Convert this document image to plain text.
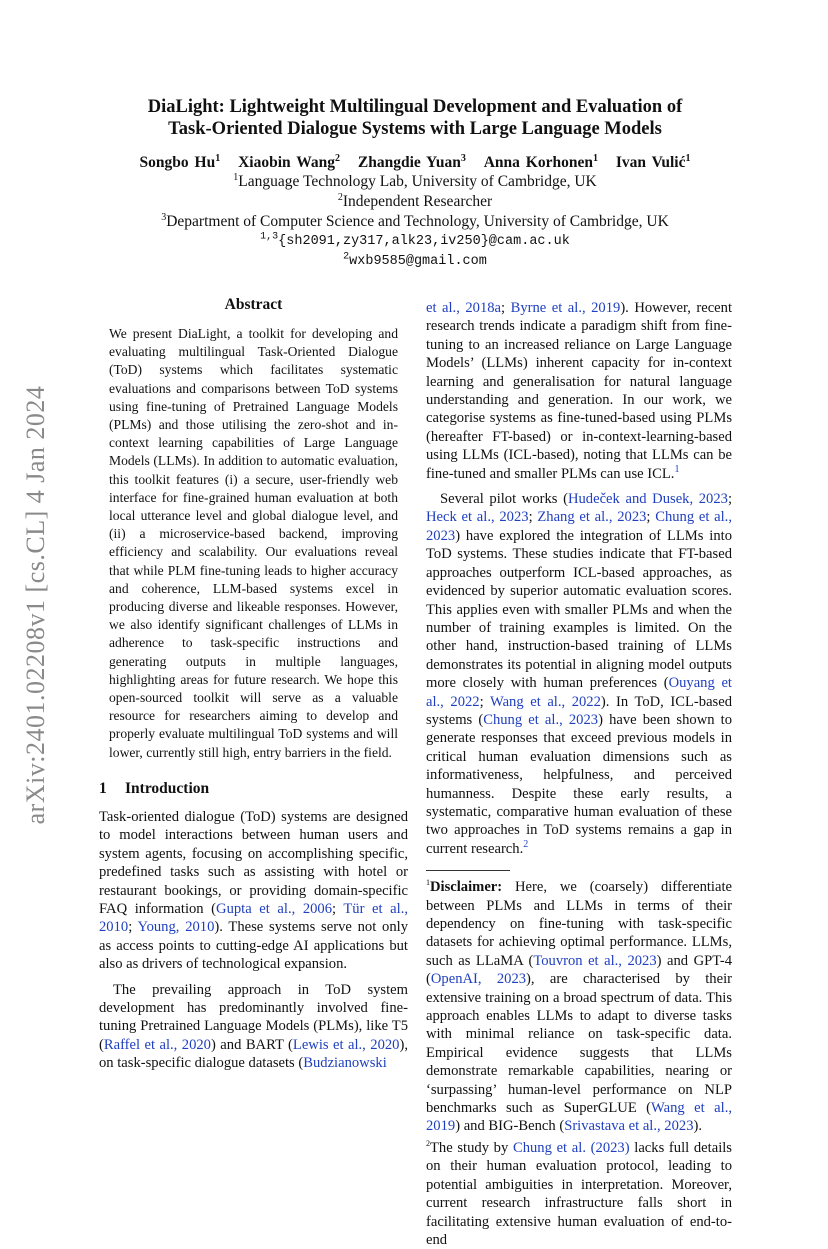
arXiv:2401.02208v1 [cs.CL] 4 Jan 2024
DiaLight: Lightweight Multilingual Development and Evaluation of
Task-Oriented Dialogue Systems with Large Language Models
Songbo Hu$^1$ Xiaobin Wang$^2$ Zhangdie Yuan$^3$ Anna Korhonen$^1$ Ivan Vulić$^1$
$^1$Language Technology Lab, University of Cambridge, UK
$^2$Independent Researcher
$^3$Department of Computer Science and Technology, University of Cambridge, UK
$^{1,3}${sh2091,zy317,alk23,iv250}@cam.ac.uk
$^2$wxb9585@gmail.com
Abstract
We present DiaLight, a toolkit for developing and evaluating multilingual Task-Oriented Dialogue (ToD) systems which facilitates systematic evaluations and comparisons between ToD systems using fine-tuning of Pretrained Language Models (PLMs) and those utilising the zero-shot and in-context learning capabilities of Large Language Models (LLMs). In addition to automatic evaluation, this toolkit features (i) a secure, user-friendly web interface for fine-grained human evaluation at both local utterance level and global dialogue level, and (ii) a microservice-based backend, improving efficiency and scalability. Our evaluations reveal that while PLM fine-tuning leads to higher accuracy and coherence, LLM-based systems excel in producing diverse and likeable responses. However, we also identify significant challenges of LLMs in adherence to task-specific instructions and generating outputs in multiple languages, highlighting areas for future research. We hope this open-sourced toolkit will serve as a valuable resource for researchers aiming to develop and properly evaluate multilingual ToD systems and will lower, currently still high, entry barriers in the field.
1 Introduction

Task-oriented dialogue (ToD) systems are designed to model interactions between human users and system agents, focusing on accomplishing specific, predefined tasks such as assisting with hotel or restaurant bookings, or providing domain-specific FAQ information (Gupta et al., 2006; Tür et al., 2010; Young, 2010). These systems serve not only as access points to cutting-edge AI applications but also as drivers of technological expansion.

The prevailing approach in ToD system development has predominantly involved fine-tuning Pretrained Language Models (PLMs), like T5 (Raffel et al., 2020) and BART (Lewis et al., 2020), on task-specific dialogue datasets (Budzianowski

et al., 2018a; Byrne et al., 2019). However, recent research trends indicate a paradigm shift from fine-tuning to an increased reliance on Large Language Models’ (LLMs) inherent capacity for in-context learning and generalisation for natural language understanding and generation. In our work, we categorise systems as fine-tuned-based using PLMs (hereafter FT-based) or in-context-learning-based using LLMs (ICL-based), noting that LLMs can be fine-tuned and smaller PLMs can use ICL.$^1$

Several pilot works (Hudeček and Dusek, 2023; Heck et al., 2023; Zhang et al., 2023; Chung et al., 2023) have explored the integration of LLMs into ToD systems. These studies indicate that FT-based approaches outperform ICL-based approaches, as evidenced by superior automatic evaluation scores. This applies even with smaller PLMs and when the number of training examples is limited. On the other hand, instruction-based training of LLMs demonstrates its potential in aligning model outputs more closely with human preferences (Ouyang et al., 2022; Wang et al., 2022). In ToD, ICL-based systems (Chung et al., 2023) have been shown to generate responses that exceed previous models in critical human evaluation dimensions such as informativeness, helpfulness, and perceived humanness. Despite these early results, a systematic, comparative human evaluation of these two approaches in ToD systems remains a gap in current research.$^2$

$^1$Disclaimer: Here, we (coarsely) differentiate between PLMs and LLMs in terms of their dependency on fine-tuning with task-specific datasets for achieving optimal performance. LLMs, such as LLaMA (Touvron et al., 2023) and GPT-4 (OpenAI, 2023), are characterised by their extensive training on a broad spectrum of data. This approach enables LLMs to adapt to diverse tasks with minimal reliance on task-specific data. Empirical evidence suggests that LLMs demonstrate remarkable capabilities, nearing or ‘surpassing’ human-level performance on NLP benchmarks such as SuperGLUE (Wang et al., 2019) and BIG-Bench (Srivastava et al., 2023).

$^2$The study by Chung et al. (2023) lacks full details on their human evaluation protocol, leading to potential ambiguities in interpretation. Moreover, current research infrastructure falls short in facilitating extensive human evaluation of end-to-end
